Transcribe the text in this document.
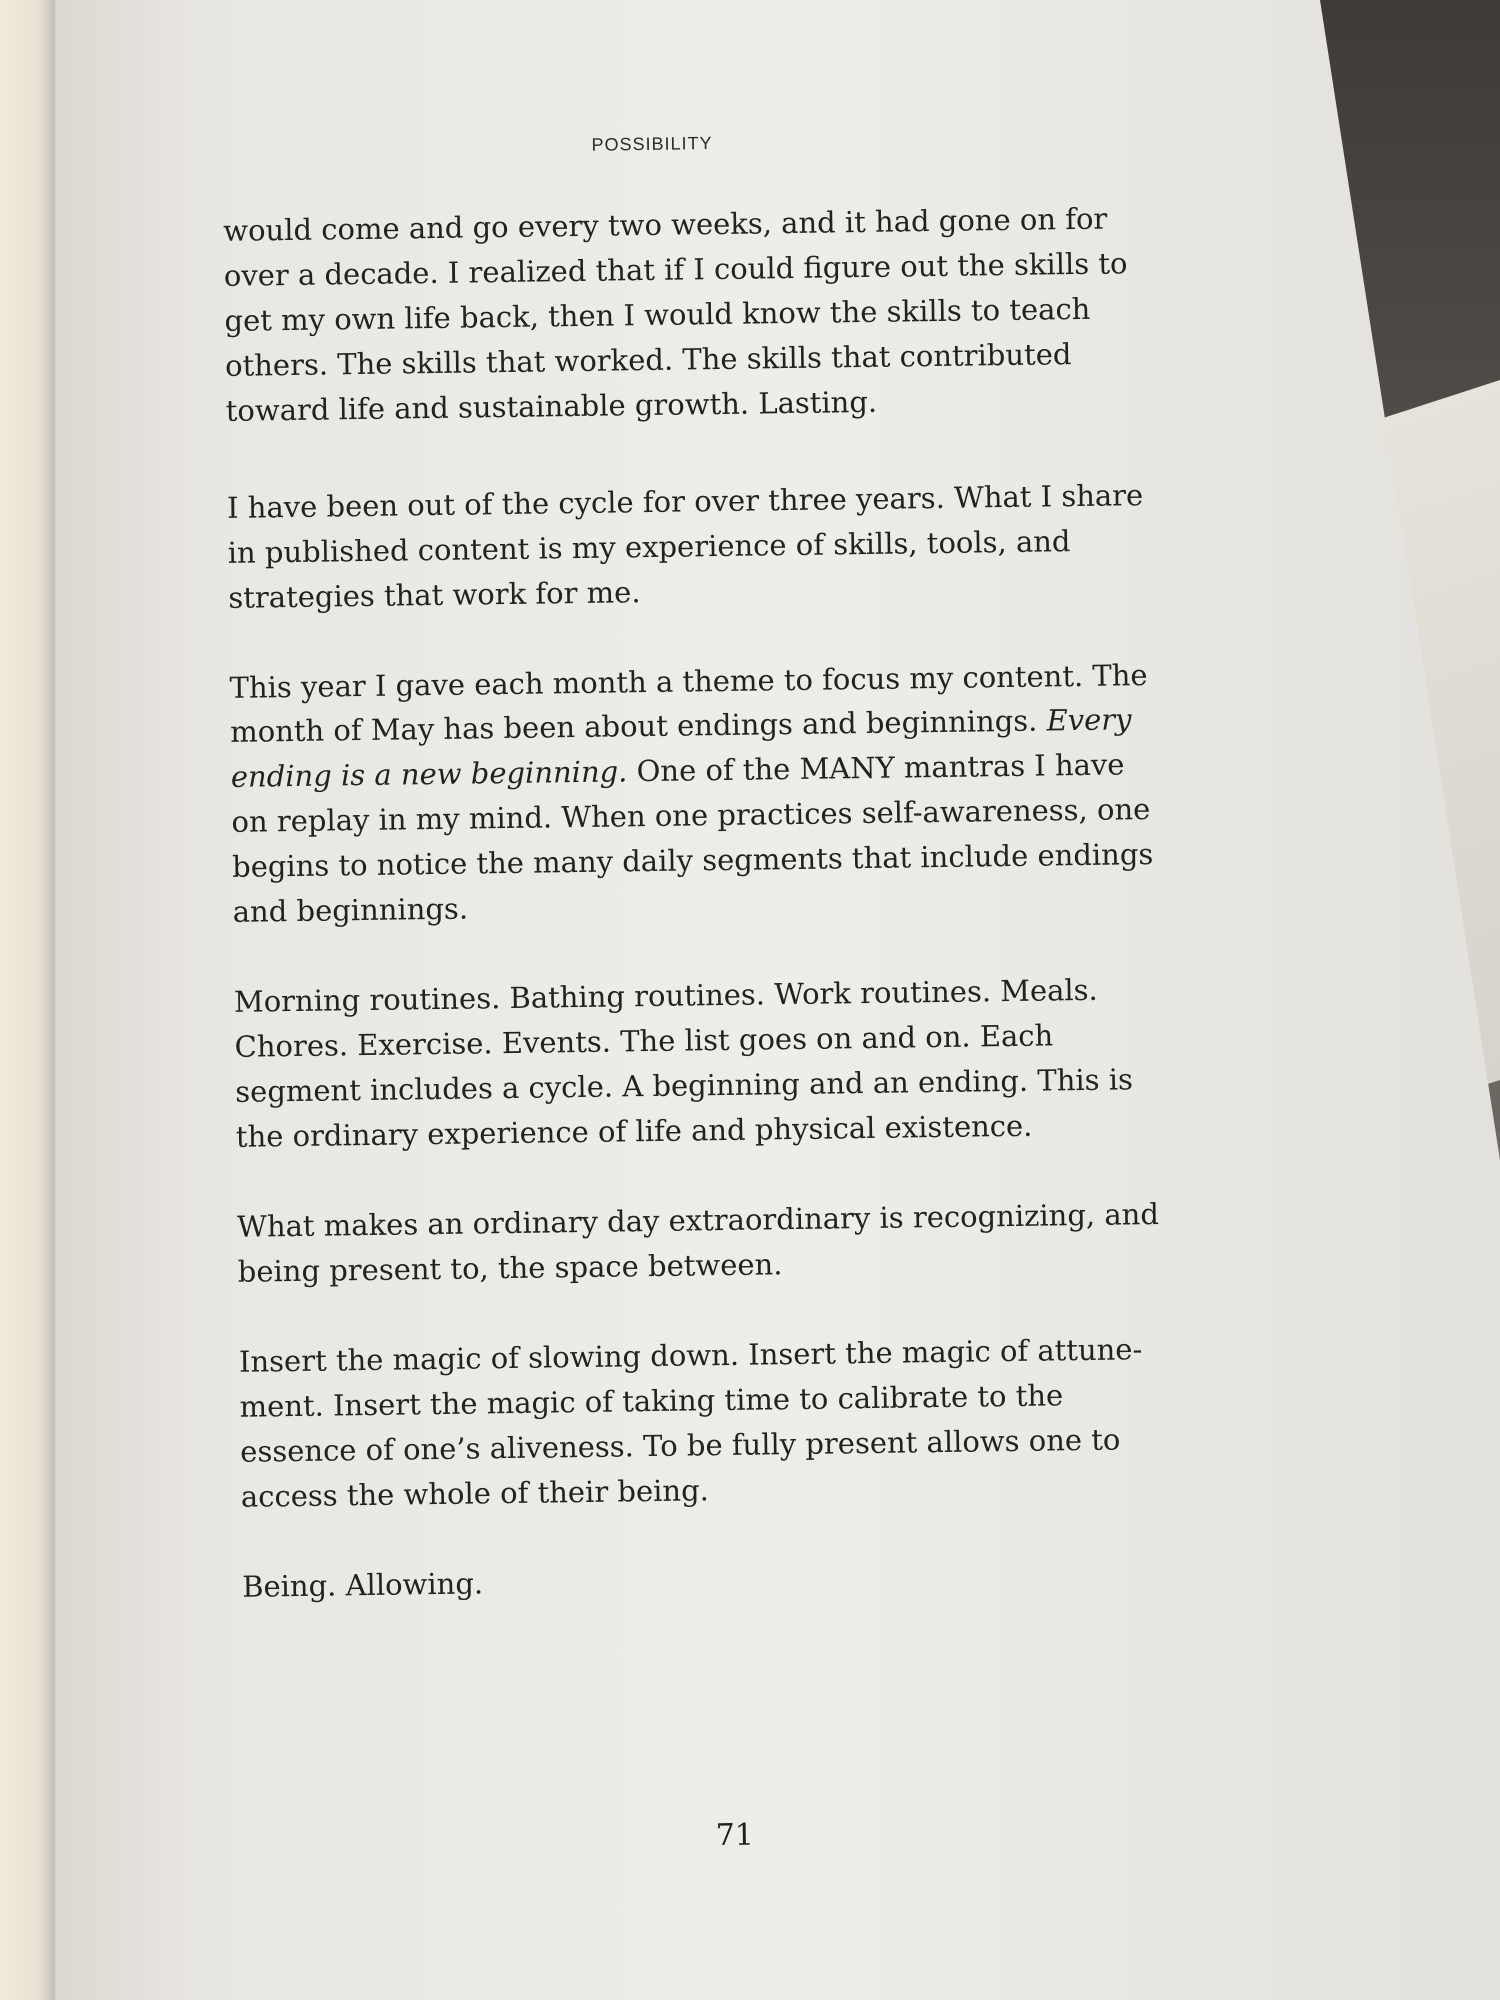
POSSIBILITY

would come and go every two weeks, and it had gone on for over a decade. I realized that if I could figure out the skills to get my own life back, then I would know the skills to teach others. The skills that worked. The skills that contributed toward life and sustainable growth. Lasting.

I have been out of the cycle for over three years. What I share in published content is my experience of skills, tools, and strategies that work for me.

This year I gave each month a theme to focus my content. The month of May has been about endings and beginnings. Every ending is a new beginning. One of the MANY mantras I have on replay in my mind. When one practices self-awareness, one begins to notice the many daily segments that include endings and beginnings.

Morning routines. Bathing routines. Work routines. Meals. Chores. Exercise. Events. The list goes on and on. Each segment includes a cycle. A beginning and an ending. This is the ordinary experience of life and physical existence.

What makes an ordinary day extraordinary is recognizing, and being present to, the space between.

Insert the magic of slowing down. Insert the magic of attune-ment. Insert the magic of taking time to calibrate to the essence of one’s aliveness. To be fully present allows one to access the whole of their being.

Being. Allowing.

71
